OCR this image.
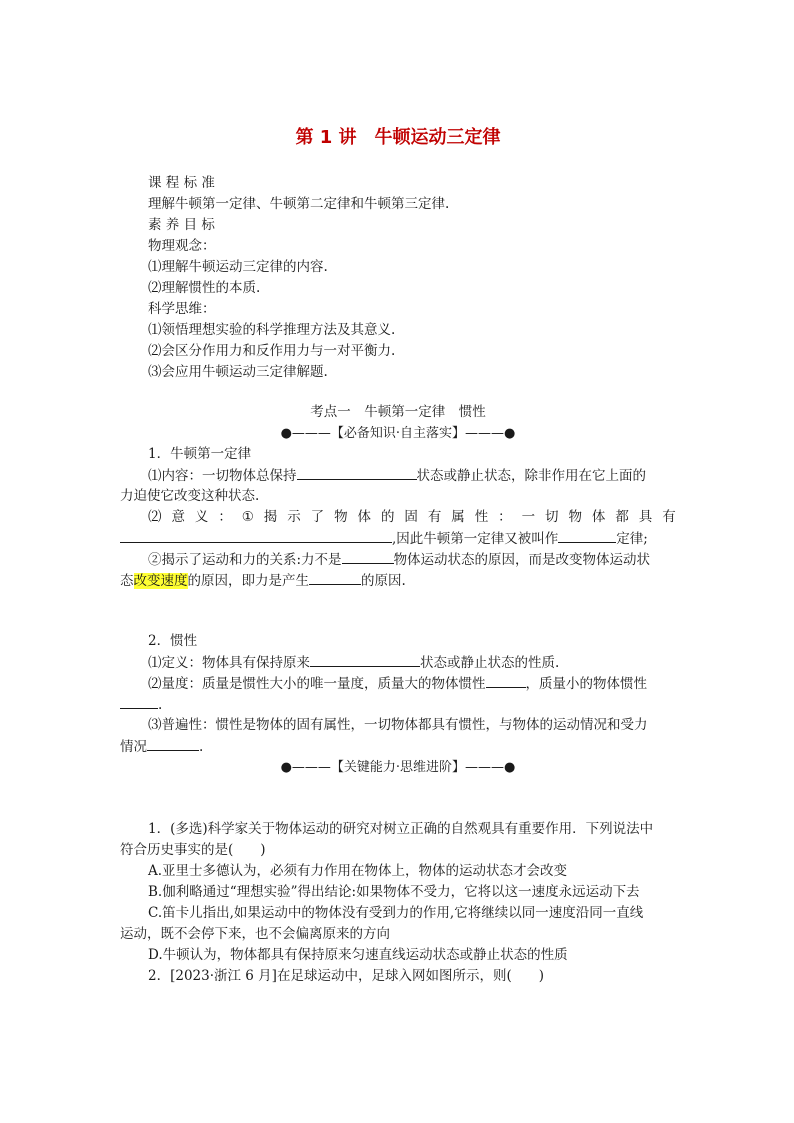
第 1 讲　牛顿运动三定律
课 程 标 准
理解牛顿第一定律、牛顿第二定律和牛顿第三定律.
素 养 目 标
物理观念：
⑴理解牛顿运动三定律的内容.
⑵理解惯性的本质.
科学思维：
⑴领悟理想实验的科学推理方法及其意义.
⑵会区分作用力和反作用力与一对平衡力.
⑶会应用牛顿运动三定律解题.
考点一　牛顿第一定律　惯性
●———【必备知识·自主落实】———●
1．牛顿第一定律
⑴内容：一切物体总保持	状态或静止状态，除非作用在它上面的
力迫使它改变这种状态.
⑵ 意 义 ： ① 揭 示 了 物 体 的 固 有 属 性 ： 一 切 物 体 都 具 有
,因此牛顿第一定律又被叫作	定律;
②揭示了运动和力的关系:力不是	物体运动状态的原因，而是改变物体运动状
态改变速度的原因，即力是产生	的原因.
2．惯性
⑴定义：物体具有保持原来	状态或静止状态的性质.
⑵量度：质量是惯性大小的唯一量度，质量大的物体惯性	，质量小的物体惯性
.
⑶普遍性：惯性是物体的固有属性，一切物体都具有惯性，与物体的运动情况和受力
情况	.
●———【关键能力·思维进阶】———●
1．(多选)科学家关于物体运动的研究对树立正确的自然观具有重要作用．下列说法中
符合历史事实的是(　　)
A.亚里士多德认为，必须有力作用在物体上，物体的运动状态才会改变
B.伽利略通过“理想实验”得出结论:如果物体不受力，它将以这一速度永远运动下去
C.笛卡儿指出,如果运动中的物体没有受到力的作用,它将继续以同一速度沿同一直线
运动，既不会停下来，也不会偏离原来的方向
D.牛顿认为，物体都具有保持原来匀速直线运动状态或静止状态的性质
2．[2023·浙江 6 月]在足球运动中，足球入网如图所示，则(　　)
